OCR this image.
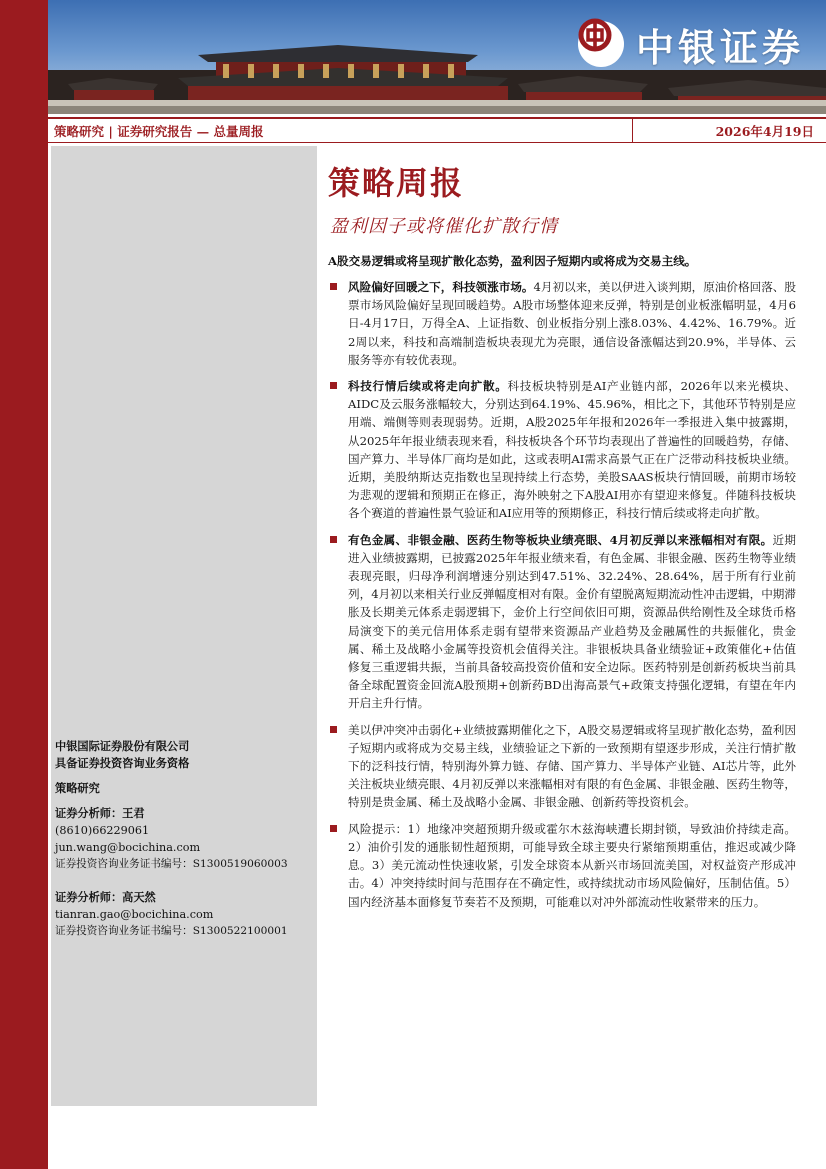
中银证券
策略研究 | 证券研究报告 — 总量周报	2026年4月19日
中银国际证券股份有限公司
具备证券投资咨询业务资格
策略研究
证券分析师：王君
(8610)66229061
jun.wang@bocichina.com
证券投资咨询业务证书编号：S1300519060003
证券分析师：高天然
tianran.gao@bocichina.com
证券投资咨询业务证书编号：S1300522100001
策略周报
盈利因子或将催化扩散行情
A股交易逻辑或将呈现扩散化态势，盈利因子短期内或将成为交易主线。
风险偏好回暖之下，科技领涨市场。4月初以来，美以伊进入谈判期，原油价格回落、股票市场风险偏好呈现回暖趋势。A股市场整体迎来反弹，特别是创业板涨幅明显，4月6日-4月17日，万得全A、上证指数、创业板指分别上涨8.03%、4.42%、16.79%。近2周以来，科技和高端制造板块表现尤为亮眼，通信设备涨幅达到20.9%，半导体、云服务等亦有较优表现。
科技行情后续或将走向扩散。科技板块特别是AI产业链内部，2026年以来光模块、AIDC及云服务涨幅较大，分别达到64.19%、45.96%，相比之下，其他环节特别是应用端、端侧等则表现弱势。近期，A股2025年年报和2026年一季报进入集中披露期，从2025年年报业绩表现来看，科技板块各个环节均表现出了普遍性的回暖趋势，存储、国产算力、半导体厂商均是如此，这或表明AI需求高景气正在广泛带动科技板块业绩。近期，美股纳斯达克指数也呈现持续上行态势，美股SAAS板块行情回暖，前期市场较为悲观的逻辑和预期正在修正，海外映射之下A股AI用亦有望迎来修复。伴随科技板块各个赛道的普遍性景气验证和AI应用等的预期修正，科技行情后续或将走向扩散。
有色金属、非银金融、医药生物等板块业绩亮眼、4月初反弹以来涨幅相对有限。近期进入业绩披露期，已披露2025年年报业绩来看，有色金属、非银金融、医药生物等业绩表现亮眼，归母净利润增速分别达到47.51%、32.24%、28.64%，居于所有行业前列，4月初以来相关行业反弹幅度相对有限。金价有望脱离短期流动性冲击逻辑，中期滞胀及长期美元体系走弱逻辑下，金价上行空间依旧可期，资源品供给刚性及全球货币格局演变下的美元信用体系走弱有望带来资源品产业趋势及金融属性的共振催化，贵金属、稀土及战略小金属等投资机会值得关注。非银板块具备业绩验证+政策催化+估值修复三重逻辑共振，当前具备较高投资价值和安全边际。医药特别是创新药板块当前具备全球配置资金回流A股预期+创新药BD出海高景气+政策支持强化逻辑，有望在年内开启主升行情。
美以伊冲突冲击弱化+业绩披露期催化之下，A股交易逻辑或将呈现扩散化态势，盈利因子短期内或将成为交易主线，业绩验证之下新的一致预期有望逐步形成，关注行情扩散下的泛科技行情，特别海外算力链、存储、国产算力、半导体产业链、AI芯片等，此外关注板块业绩亮眼、4月初反弹以来涨幅相对有限的有色金属、非银金融、医药生物等，特别是贵金属、稀土及战略小金属、非银金融、创新药等投资机会。
风险提示：1）地缘冲突超预期升级或霍尔木兹海峡遭长期封锁，导致油价持续走高。2）油价引发的通胀韧性超预期，可能导致全球主要央行紧缩预期重估，推迟或减少降息。3）美元流动性快速收紧，引发全球资本从新兴市场回流美国，对权益资产形成冲击。4）冲突持续时间与范围存在不确定性，或持续扰动市场风险偏好，压制估值。5）国内经济基本面修复节奏若不及预期，可能难以对冲外部流动性收紧带来的压力。
